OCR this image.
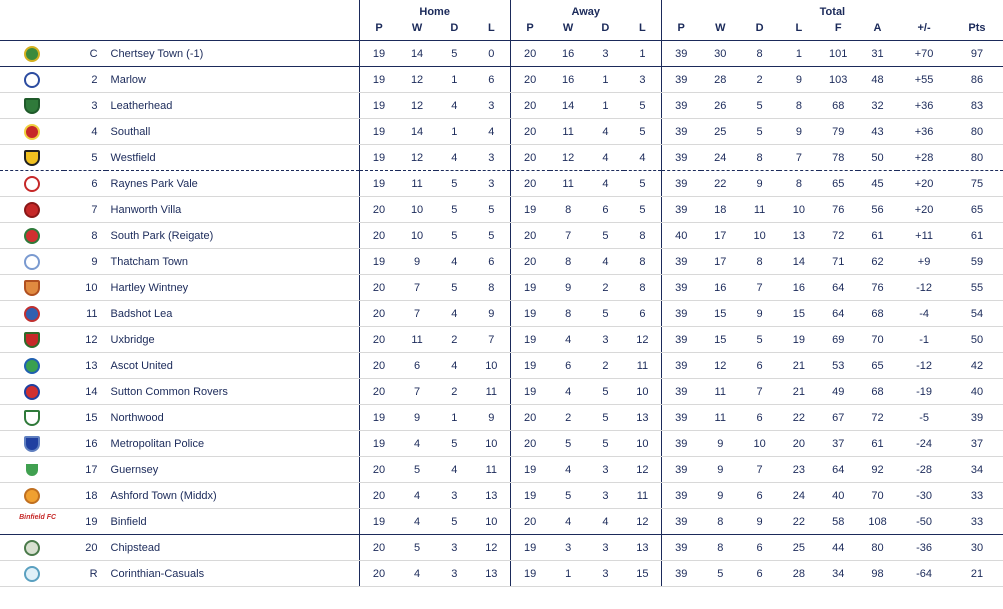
			Home				Away				Total							
			P	W	D	L	P	W	D	L	P	W	D	L	F	A	+/-	Pts
	C	Chertsey Town (-1)	19	14	5	0	20	16	3	1	39	30	8	1	101	31	+70	97
	2	Marlow	19	12	1	6	20	16	1	3	39	28	2	9	103	48	+55	86
	3	Leatherhead	19	12	4	3	20	14	1	5	39	26	5	8	68	32	+36	83
	4	Southall	19	14	1	4	20	11	4	5	39	25	5	9	79	43	+36	80
	5	Westfield	19	12	4	3	20	12	4	4	39	24	8	7	78	50	+28	80
	6	Raynes Park Vale	19	11	5	3	20	11	4	5	39	22	9	8	65	45	+20	75
	7	Hanworth Villa	20	10	5	5	19	8	6	5	39	18	11	10	76	56	+20	65
	8	South Park (Reigate)	20	10	5	5	20	7	5	8	40	17	10	13	72	61	+11	61
	9	Thatcham Town	19	9	4	6	20	8	4	8	39	17	8	14	71	62	+9	59
	10	Hartley Wintney	20	7	5	8	19	9	2	8	39	16	7	16	64	76	-12	55
	11	Badshot Lea	20	7	4	9	19	8	5	6	39	15	9	15	64	68	-4	54
	12	Uxbridge	20	11	2	7	19	4	3	12	39	15	5	19	69	70	-1	50
	13	Ascot United	20	6	4	10	19	6	2	11	39	12	6	21	53	65	-12	42
	14	Sutton Common Rovers	20	7	2	11	19	4	5	10	39	11	7	21	49	68	-19	40
	15	Northwood	19	9	1	9	20	2	5	13	39	11	6	22	67	72	-5	39
	16	Metropolitan Police	19	4	5	10	20	5	5	10	39	9	10	20	37	61	-24	37
	17	Guernsey	20	5	4	11	19	4	3	12	39	9	7	23	64	92	-28	34
	18	Ashford Town (Middx)	20	4	3	13	19	5	3	11	39	9	6	24	40	70	-30	33
Binfield FC	19	Binfield	19	4	5	10	20	4	4	12	39	8	9	22	58	108	-50	33
	20	Chipstead	20	5	3	12	19	3	3	13	39	8	6	25	44	80	-36	30
	R	Corinthian-Casuals	20	4	3	13	19	1	3	15	39	5	6	28	34	98	-64	21
